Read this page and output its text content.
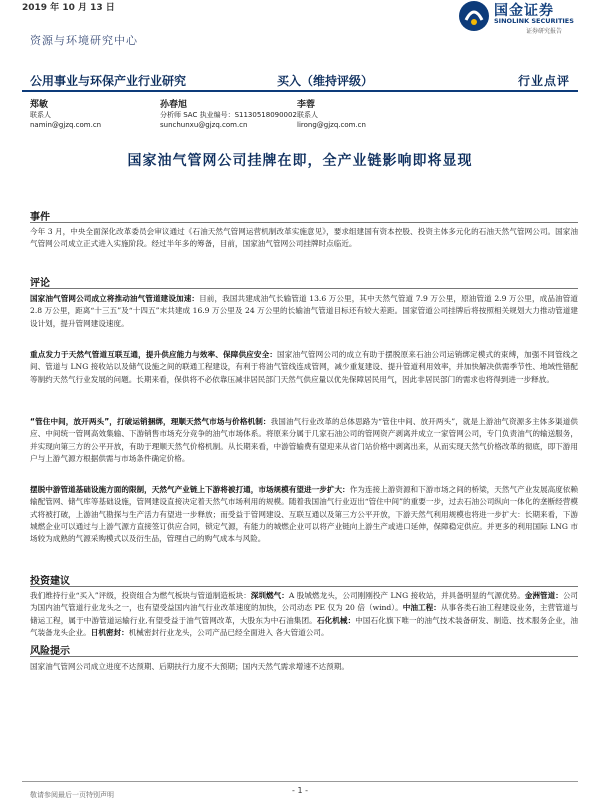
2019 年 10 月 13 日	国金证券
SINOLINK SECURITIES
证券研究报告
资源与环境研究中心
公用事业与环保产业行业研究	买入（维持评级）	行业点评
郑敏
联系人
namin@gjzq.com.cn
孙春旭
分析师 SAC 执业编号：S1130518090002
sunchunxu@gjzq.com.cn
李蓉
联系人
lirong@gjzq.com.cn
国家油气管网公司挂牌在即，全产业链影响即将显现
事件
今年 3 月，中央全面深化改革委员会审议通过《石油天然气管网运营机制改革实施意见》，要求组建国有资本控股、投资主体多元化的石油天然气管网公司。国家油气管网公司成立正式进入实施阶段。经过半年多的筹备，目前，国家油气管网公司挂牌时点临近。
评论
国家油气管网公司成立将推动油气管道建设加速：目前，我国共建成油气长输管道 13.6 万公里，其中天然气管道 7.9 万公里，原油管道 2.9 万公里，成品油管道 2.8 万公里，距离“十三五”及“十四五”末共建成 16.9 万公里及 24 万公里的长输油气管道目标还有较大差距。国家管道公司挂牌后将按照相关规划大力推动管道建设计划，提升管网建设速度。
重点发力于天然气管道互联互通，提升供应能力与效率、保障供应安全：国家油气管网公司的成立有助于摆脱原来石油公司运销绑定模式的束缚，加强不同管线之间、管道与 LNG 接收站以及储气设施之间的联通工程建设，有利于将油气管线连成管网，减少重复建设、提升管道利用效率，并加快解决供需季节性、地域性错配等制约天然气行业发展的问题。长期来看，保供将不必依靠压减非居民部门天然气供应量以优先保障居民用气，因此非居民部门的需求也将得到进一步释放。
“管住中间，放开两头”，打破运销捆绑，理顺天然气市场与价格机制：我国油气行业改革的总体思路为“管住中间、放开两头”，就是上游油气资源多主体多渠道供应、中间统一管网高效集输、下游销售市场充分竞争的油气市场体系。将原来分属于几家石油公司的管网资产剥离并成立一家管网公司，专门负责油气的输送服务，并实现向第三方的公平开放，有助于理顺天然气价格机制。从长期来看，中游管输费有望迎来从省门站价格中剥离出来，从而实现天然气价格改革的彻底，即下游用户与上游气源方根据供需与市场条件确定价格。
摆脱中游管道基础设施方面的限制，天然气产业链上下游将被打通，市场规模有望进一步扩大：作为连接上游资源和下游市场之间的桥梁，天然气产业发展高度依赖输配管网、储气库等基础设施，管网建设直接决定着天然气市场利用的规模。随着我国油气行业迈出“管住中间”的重要一步，过去石油公司纵向一体化的垄断经营模式将被打破，上游油气勘探与生产活力有望进一步释放；而受益于管网建设、互联互通以及第三方公平开放，下游天然气利用规模也将进一步扩大：长期来看，下游城燃企业可以通过与上游气源方直接签订供应合同，锁定气源，有能力的城燃企业可以将产业链向上游生产或进口延伸，保障稳定供应。并更多的利用国际 LNG 市场较为成熟的气源采购模式以及衍生品，管理自己的购气成本与风险。
投资建议
我们维持行业“买入”评级，投资组合为燃气板块与管道制造板块：深圳燃气：A 股城燃龙头，公司刚刚投产 LNG 接收站，并具备明显的气源优势。金洲管道：公司为国内油气管道行业龙头之一，也有望受益国内油气行业改革速度的加快，公司动态 PE 仅为 20 倍（wind）。中油工程：从事各类石油工程建设业务，主营管道与储运工程，属于中游管道运输行业,有望受益于油气管网改革，大股东为中石油集团。石化机械：中国石化旗下唯一的油气技术装备研发、制造、技术服务企业，油气装备龙头企业。日机密封：机械密封行业龙头，公司产品已经全面进入 各大管道公司。
风险提示
国家油气管网公司成立进度不达预期、后期扶行力度不大预期；国内天然气需求增速不达预期。
- 1 -
敬请参阅最后一页特别声明
